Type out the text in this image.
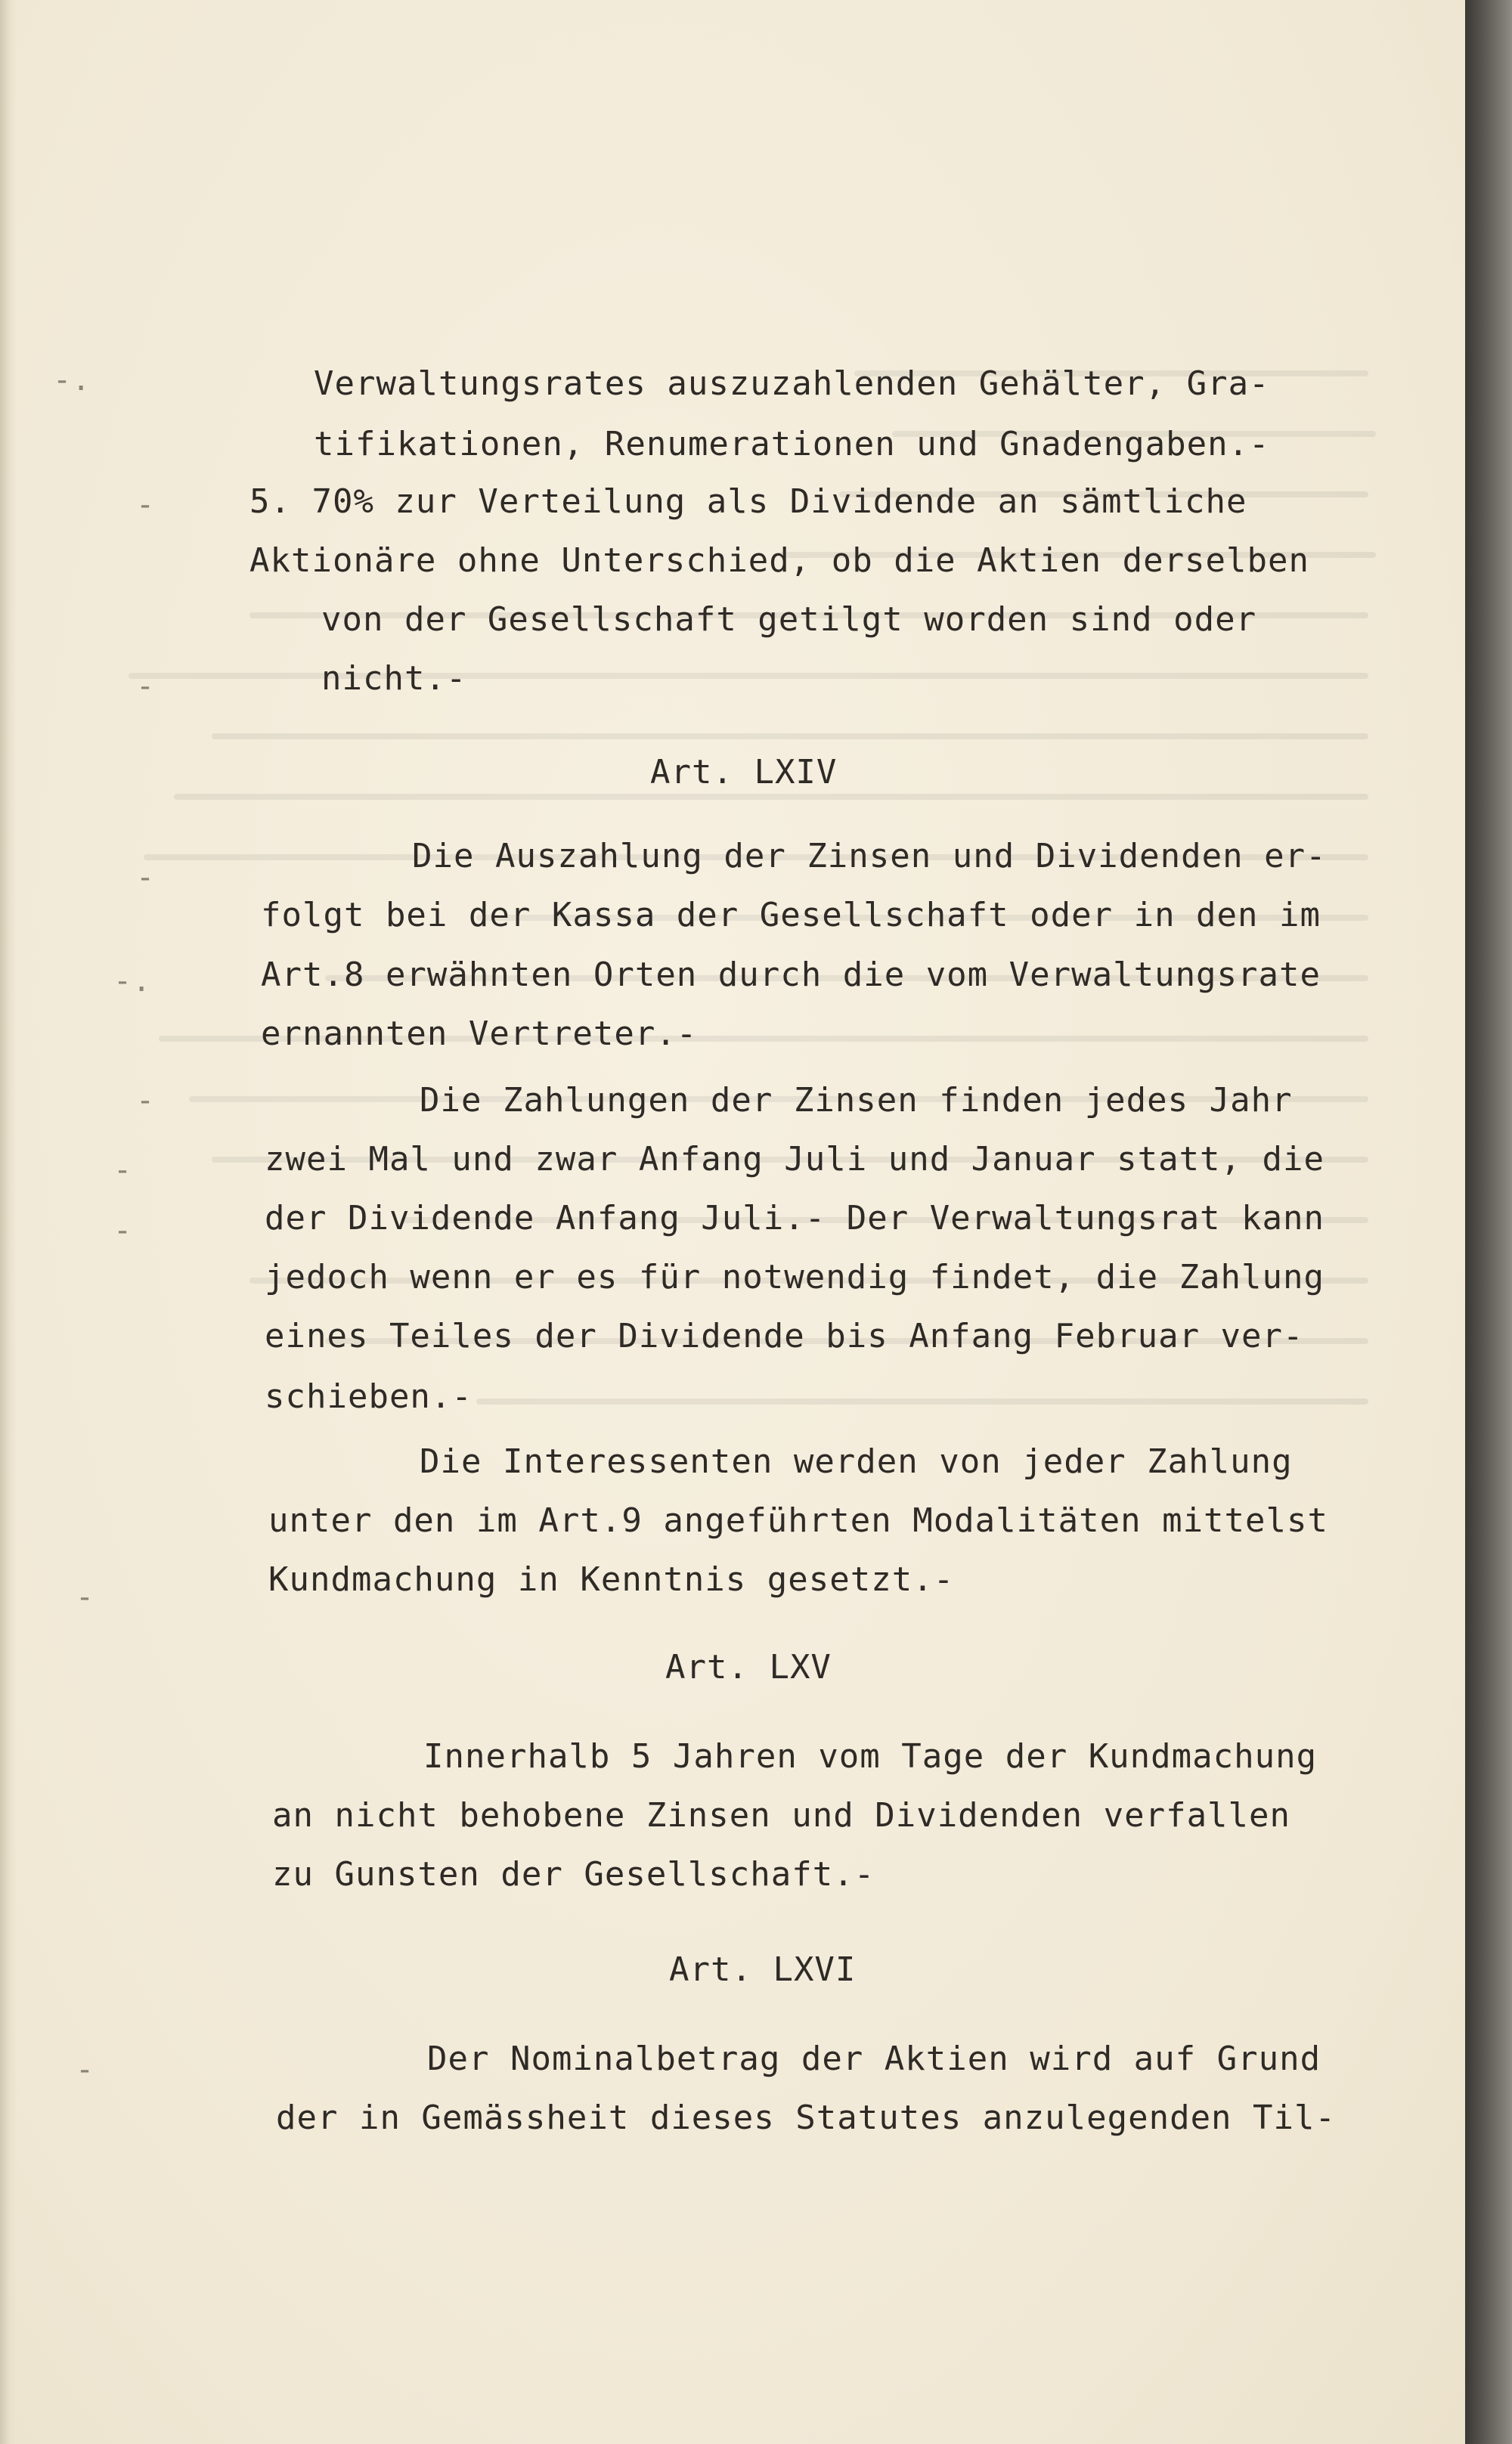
-.
-
-
-
-.
-
-
-
-
-
Verwaltungsrates auszuzahlenden Gehälter, Gra-
tifikationen, Renumerationen und Gnadengaben.-
5. 70% zur Verteilung als Dividende an sämtliche
Aktionäre ohne Unterschied, ob die Aktien derselben
von der Gesellschaft getilgt worden sind oder
nicht.-
Art. LXIV
Die Auszahlung der Zinsen und Dividenden er-
folgt bei der Kassa der Gesellschaft oder in den im
Art.8 erwähnten Orten durch die vom Verwaltungsrate
ernannten Vertreter.-
Die Zahlungen der Zinsen finden jedes Jahr
zwei Mal und zwar Anfang Juli und Januar statt, die
der Dividende Anfang Juli.- Der Verwaltungsrat kann
jedoch wenn er es für notwendig findet, die Zahlung
eines Teiles der Dividende bis Anfang Februar ver-
schieben.-
Die Interessenten werden von jeder Zahlung
unter den im Art.9 angeführten Modalitäten mittelst
Kundmachung in Kenntnis gesetzt.-
Art. LXV
Innerhalb 5 Jahren vom Tage der Kundmachung
an nicht behobene Zinsen und Dividenden verfallen
zu Gunsten der Gesellschaft.-
Art. LXVI
Der Nominalbetrag der Aktien wird auf Grund
der in Gemässheit dieses Statutes anzulegenden Til-
